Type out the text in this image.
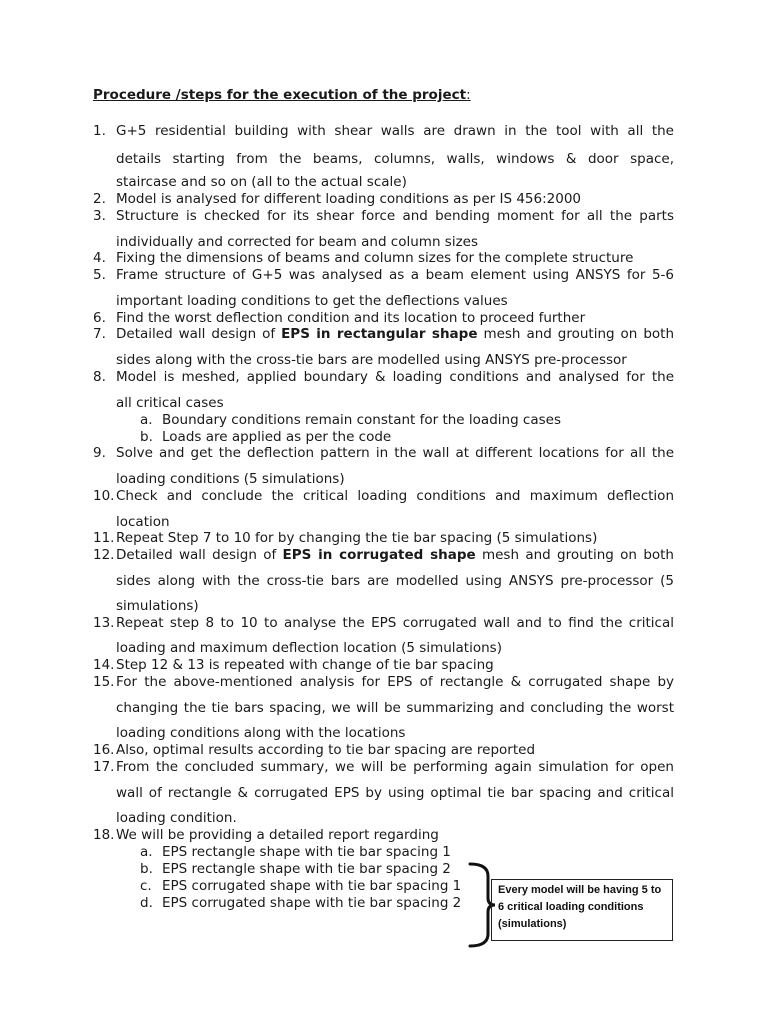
Procedure /steps for the execution of the project:
1. G+5 residential building with shear walls are drawn in the tool with all the
details starting from the beams, columns, walls, windows & door space,
staircase and so on (all to the actual scale)
2. Model is analysed for different loading conditions as per IS 456:2000
3. Structure is checked for its shear force and bending moment for all the parts
individually and corrected for beam and column sizes
4. Fixing the dimensions of beams and column sizes for the complete structure
5. Frame structure of G+5 was analysed as a beam element using ANSYS for 5-6
important loading conditions to get the deflections values
6. Find the worst deflection condition and its location to proceed further
7. Detailed wall design of EPS in rectangular shape mesh and grouting on both
sides along with the cross-tie bars are modelled using ANSYS pre-processor
8. Model is meshed, applied boundary & loading conditions and analysed for the
all critical cases
a. Boundary conditions remain constant for the loading cases
b. Loads are applied as per the code
9. Solve and get the deflection pattern in the wall at different locations for all the
loading conditions (5 simulations)
10. Check and conclude the critical loading conditions and maximum deflection
location
11. Repeat Step 7 to 10 for by changing the tie bar spacing (5 simulations)
12. Detailed wall design of EPS in corrugated shape mesh and grouting on both
sides along with the cross-tie bars are modelled using ANSYS pre-processor (5
simulations)
13. Repeat step 8 to 10 to analyse the EPS corrugated wall and to find the critical
loading and maximum deflection location (5 simulations)
14. Step 12 & 13 is repeated with change of tie bar spacing
15. For the above-mentioned analysis for EPS of rectangle & corrugated shape by
changing the tie bars spacing, we will be summarizing and concluding the worst
loading conditions along with the locations
16. Also, optimal results according to tie bar spacing are reported
17. From the concluded summary, we will be performing again simulation for open
wall of rectangle & corrugated EPS by using optimal tie bar spacing and critical
loading condition.
18. We will be providing a detailed report regarding
a. EPS rectangle shape with tie bar spacing 1
b. EPS rectangle shape with tie bar spacing 2
c. EPS corrugated shape with tie bar spacing 1
d. EPS corrugated shape with tie bar spacing 2
Every model will be having 5 to 6 critical loading conditions (simulations)
